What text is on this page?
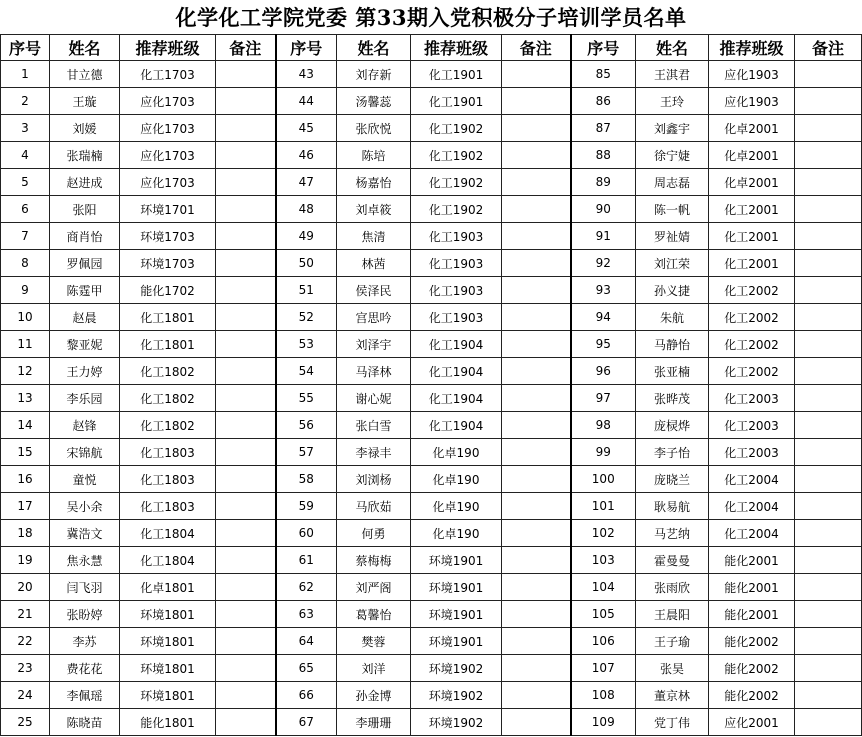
化学化工学院党委 第33期入党积极分子培训学员名单
序号	姓名	推荐班级	备注	序号	姓名	推荐班级	备注	序号	姓名	推荐班级	备注
1	甘立德	化工1703		43	刘存新	化工1901		85	王淇君	应化1903	
2	王璇	应化1703		44	汤馨蕊	化工1901		86	王玲	应化1903	
3	刘媛	应化1703		45	张欣悦	化工1902		87	刘鑫宇	化卓2001	
4	张瑞楠	应化1703		46	陈培	化工1902		88	徐宁婕	化卓2001	
5	赵进成	应化1703		47	杨嘉怡	化工1902		89	周志磊	化卓2001	
6	张阳	环境1701		48	刘卓筱	化工1902		90	陈一帆	化工2001	
7	商肖怡	环境1703		49	焦清	化工1903		91	罗祉婧	化工2001	
8	罗佩园	环境1703		50	林茜	化工1903		92	刘江荣	化工2001	
9	陈霆甲	能化1702		51	侯泽民	化工1903		93	孙义捷	化工2002	
10	赵晨	化工1801		52	宫思吟	化工1903		94	朱航	化工2002	
11	黎亚妮	化工1801		53	刘泽宇	化工1904		95	马静怡	化工2002	
12	王力婷	化工1802		54	马泽林	化工1904		96	张亚楠	化工2002	
13	李乐园	化工1802		55	谢心妮	化工1904		97	张晔茂	化工2003	
14	赵锋	化工1802		56	张白雪	化工1904		98	庞棂烨	化工2003	
15	宋锦航	化工1803		57	李禄丰	化卓190		99	李子怡	化工2003	
16	童悦	化工1803		58	刘浏杨	化卓190		100	庞晓兰	化工2004	
17	吴小余	化工1803		59	马欣茹	化卓190		101	耿易航	化工2004	
18	冀浩文	化工1804		60	何勇	化卓190		102	马艺纳	化工2004	
19	焦永慧	化工1804		61	蔡梅梅	环境1901		103	霍曼曼	能化2001	
20	闫飞羽	化卓1801		62	刘严阁	环境1901		104	张雨欣	能化2001	
21	张盼婷	环境1801		63	葛馨怡	环境1901		105	王晨阳	能化2001	
22	李苏	环境1801		64	樊蓉	环境1901		106	王子瑜	能化2002	
23	费花花	环境1801		65	刘洋	环境1902		107	张昊	能化2002	
24	李佩瑶	环境1801		66	孙金博	环境1902		108	董京林	能化2002	
25	陈晓苗	能化1801		67	李珊珊	环境1902		109	党丁伟	应化2001	
